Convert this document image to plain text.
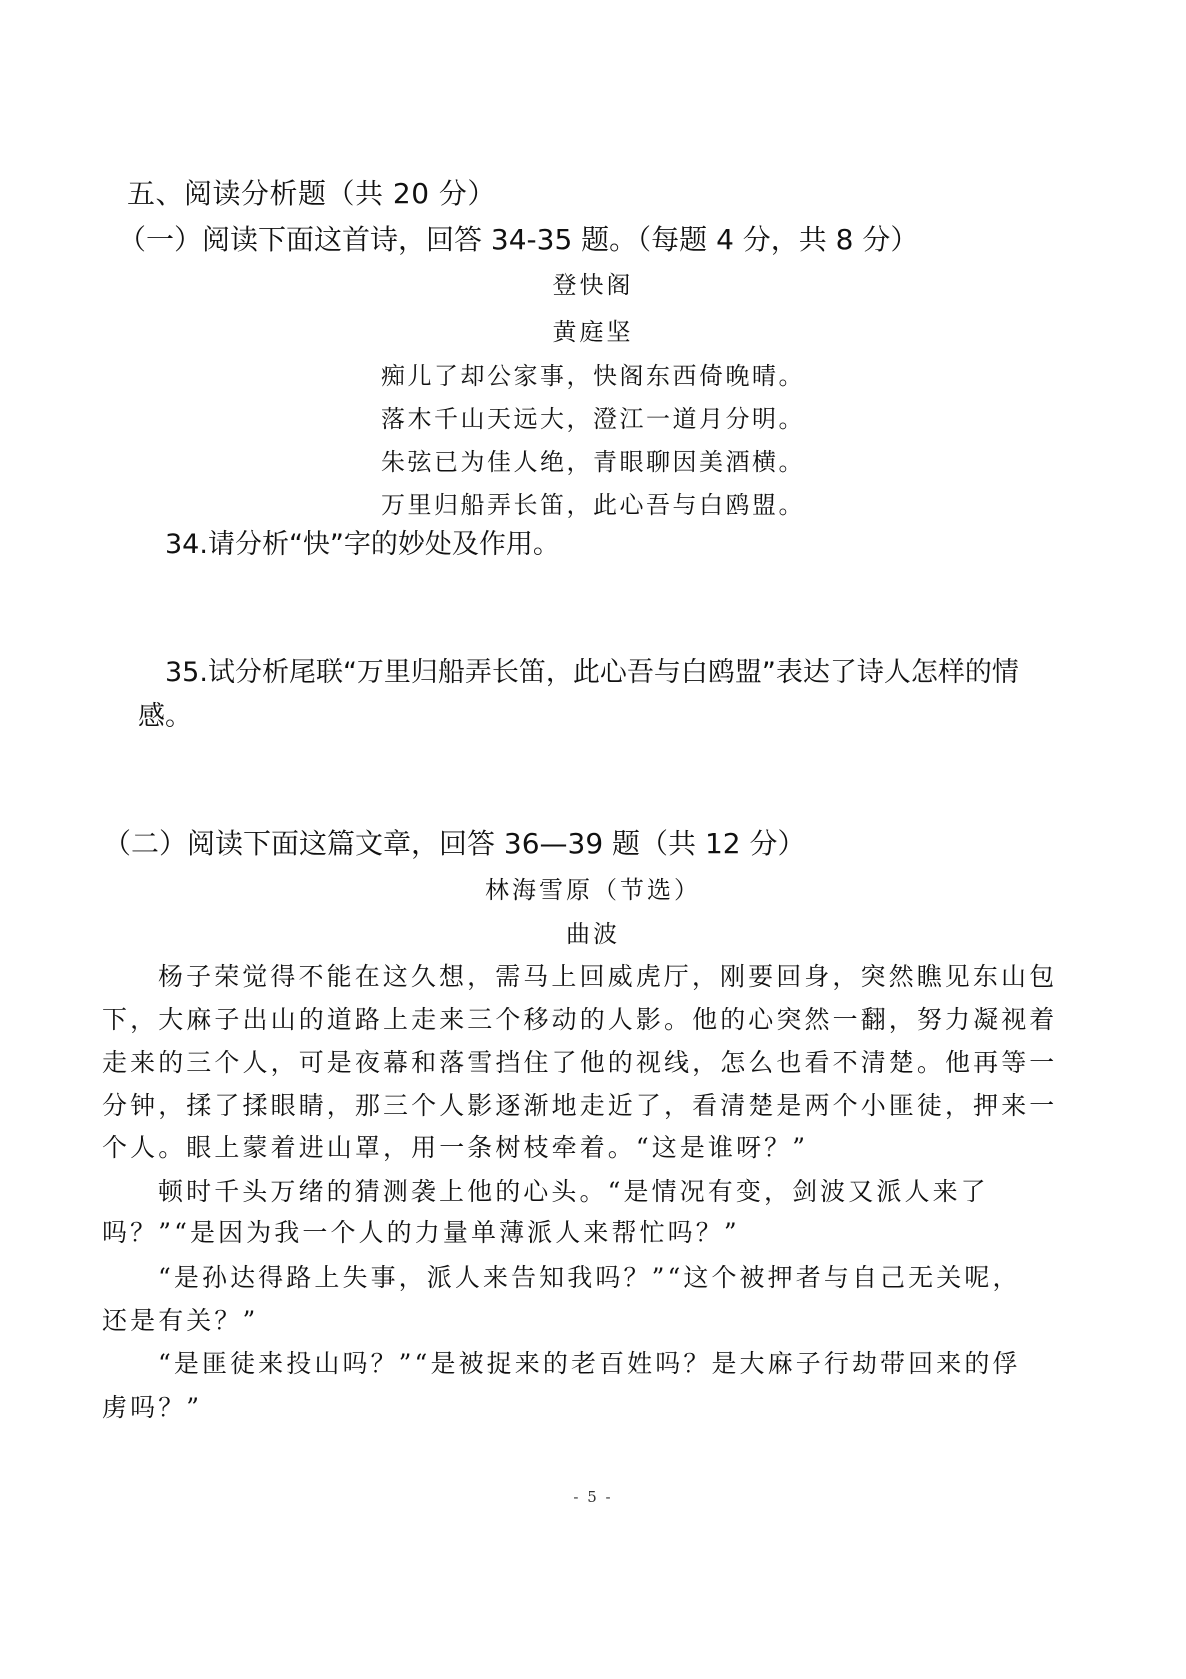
五、阅读分析题（共 20 分）
（一）阅读下面这首诗，回答 34-35 题。（每题 4 分，共 8 分）
登快阁
黄庭坚
痴儿了却公家事，快阁东西倚晚晴。
落木千山天远大，澄江一道月分明。
朱弦已为佳人绝，青眼聊因美酒横。
万里归船弄长笛，此心吾与白鸥盟。
34.请分析“快”字的妙处及作用。
35.试分析尾联“万里归船弄长笛，此心吾与白鸥盟”表达了诗人怎样的情
感。
（二）阅读下面这篇文章，回答 36—39 题（共 12 分）
林海雪原（节选）
曲波
杨子荣觉得不能在这久想，需马上回威虎厅，刚要回身，突然瞧见东山包
下，大麻子出山的道路上走来三个移动的人影。他的心突然一翻，努力凝视着
走来的三个人，可是夜幕和落雪挡住了他的视线，怎么也看不清楚。他再等一
分钟，揉了揉眼睛，那三个人影逐渐地走近了，看清楚是两个小匪徒，押来一
个人。眼上蒙着进山罩，用一条树枝牵着。“这是谁呀？”
顿时千头万绪的猜测袭上他的心头。“是情况有变，剑波又派人来了
吗？”“是因为我一个人的力量单薄派人来帮忙吗？”
“是孙达得路上失事，派人来告知我吗？”“这个被押者与自己无关呢，
还是有关？”
“是匪徒来投山吗？”“是被捉来的老百姓吗？是大麻子行劫带回来的俘
虏吗？”
- 5 -
